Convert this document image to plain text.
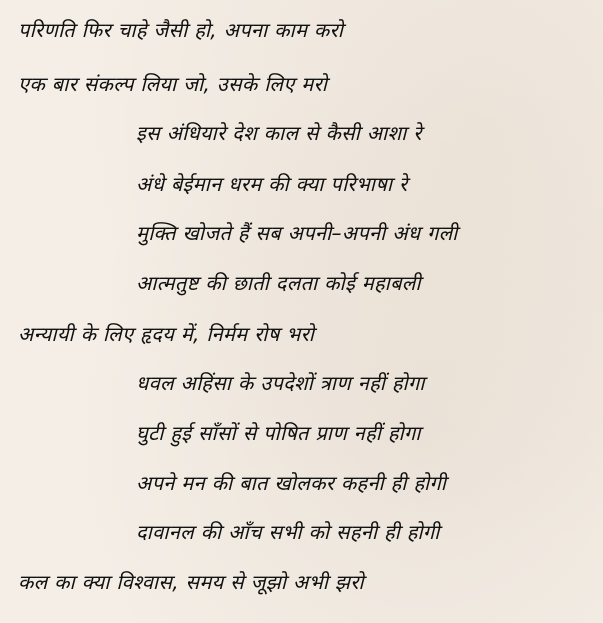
परिणति फिर चाहे जैसी हो, अपना काम करो
एक बार संकल्प लिया जो, उसके लिए मरो
इस अंधियारे देश काल से कैसी आशा रे
अंधे बेईमान धरम की क्या परिभाषा रे
मुक्ति खोजते हैं सब अपनी–अपनी अंध गली
आत्मतुष्ट की छाती दलता कोई महाबली
अन्यायी के लिए हृदय में, निर्मम रोष भरो
धवल अहिंसा के उपदेशों त्राण नहीं होगा
घुटी हुई साँसों से पोषित प्राण नहीं होगा
अपने मन की बात खोलकर कहनी ही होगी
दावानल की आँच सभी को सहनी ही होगी
कल का क्या विश्वास, समय से जूझो अभी झरो
